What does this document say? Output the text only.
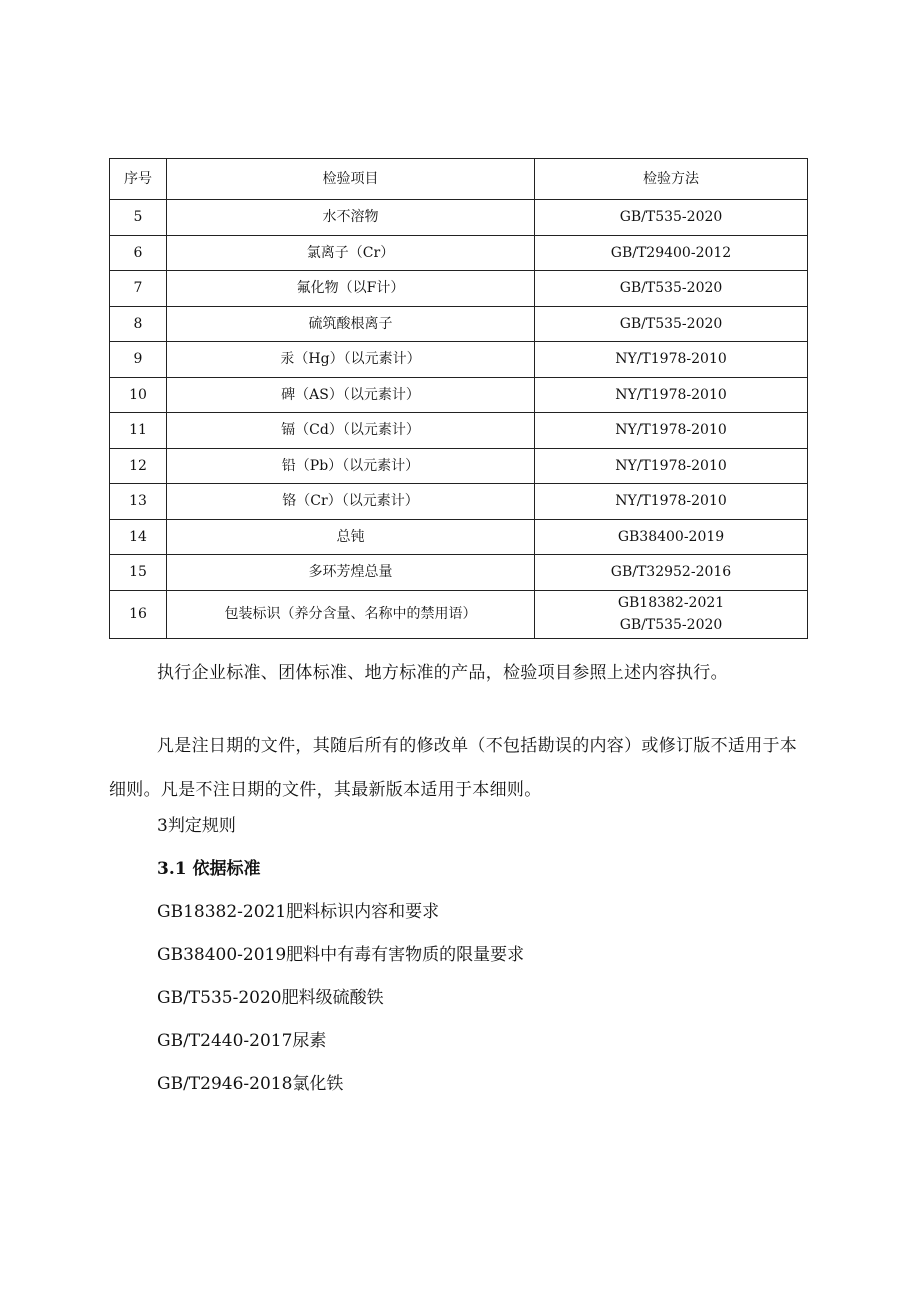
序号	检验项目	检验方法
5	水不溶物	GB/T535-2020
6	氯离子（Cr）	GB/T29400-2012
7	氟化物（以F计）	GB/T535-2020
8	硫筑酸根离子	GB/T535-2020
9	汞（Hg）（以元素计）	NY/T1978-2010
10	碑（AS）（以元素计）	NY/T1978-2010
11	镉（Cd）（以元素计）	NY/T1978-2010
12	铅（Pb）（以元素计）	NY/T1978-2010
13	铬（Cr）（以元素计）	NY/T1978-2010
14	总钝	GB38400-2019
15	多环芳煌总量	GB/T32952-2016
16	包装标识（养分含量、名称中的禁用语）	GB18382-2021
GB/T535-2020

执行企业标准、团体标准、地方标准的产品，检验项目参照上述内容执行。

凡是注日期的文件，其随后所有的修改单（不包括勘误的内容）或修订版不适用于本细则。凡是不注日期的文件，其最新版本适用于本细则。

3判定规则

3.1 依据标准

GB18382-2021肥料标识内容和要求

GB38400-2019肥料中有毒有害物质的限量要求

GB/T535-2020肥料级硫酸铁

GB/T2440-2017尿素

GB/T2946-2018氯化铁
